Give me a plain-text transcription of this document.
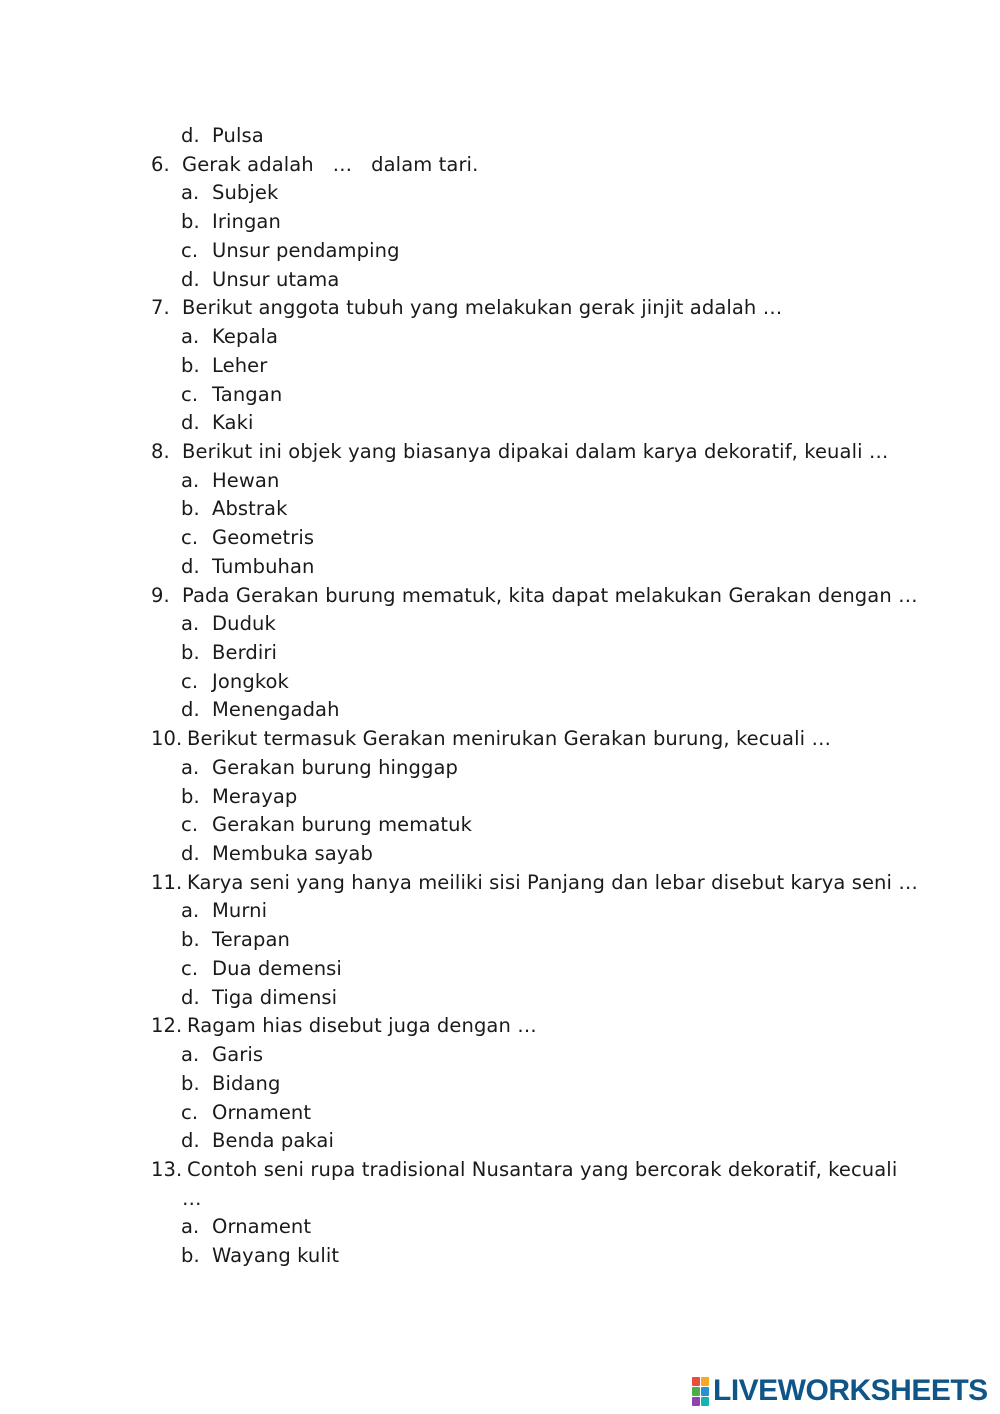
d. Pulsa
6. Gerak adalah   …   dalam tari.
a. Subjek
b. Iringan
c. Unsur pendamping
d. Unsur utama
7. Berikut anggota tubuh yang melakukan gerak jinjit adalah …
a. Kepala
b. Leher
c. Tangan
d. Kaki
8. Berikut ini objek yang biasanya dipakai dalam karya dekoratif, keuali …
a. Hewan
b. Abstrak
c. Geometris
d. Tumbuhan
9. Pada Gerakan burung mematuk, kita dapat melakukan Gerakan dengan …
a. Duduk
b. Berdiri
c. Jongkok
d. Menengadah
10. Berikut termasuk Gerakan menirukan Gerakan burung, kecuali …
a. Gerakan burung hinggap
b. Merayap
c. Gerakan burung mematuk
d. Membuka sayab
11. Karya seni yang hanya meiliki sisi Panjang dan lebar disebut karya seni …
a. Murni
b. Terapan
c. Dua demensi
d. Tiga dimensi
12. Ragam hias disebut juga dengan …
a. Garis
b. Bidang
c. Ornament
d. Benda pakai
13. Contoh seni rupa tradisional Nusantara yang bercorak dekoratif, kecuali
…
a. Ornament
b. Wayang kulit
LIVEWORKSHEETS
